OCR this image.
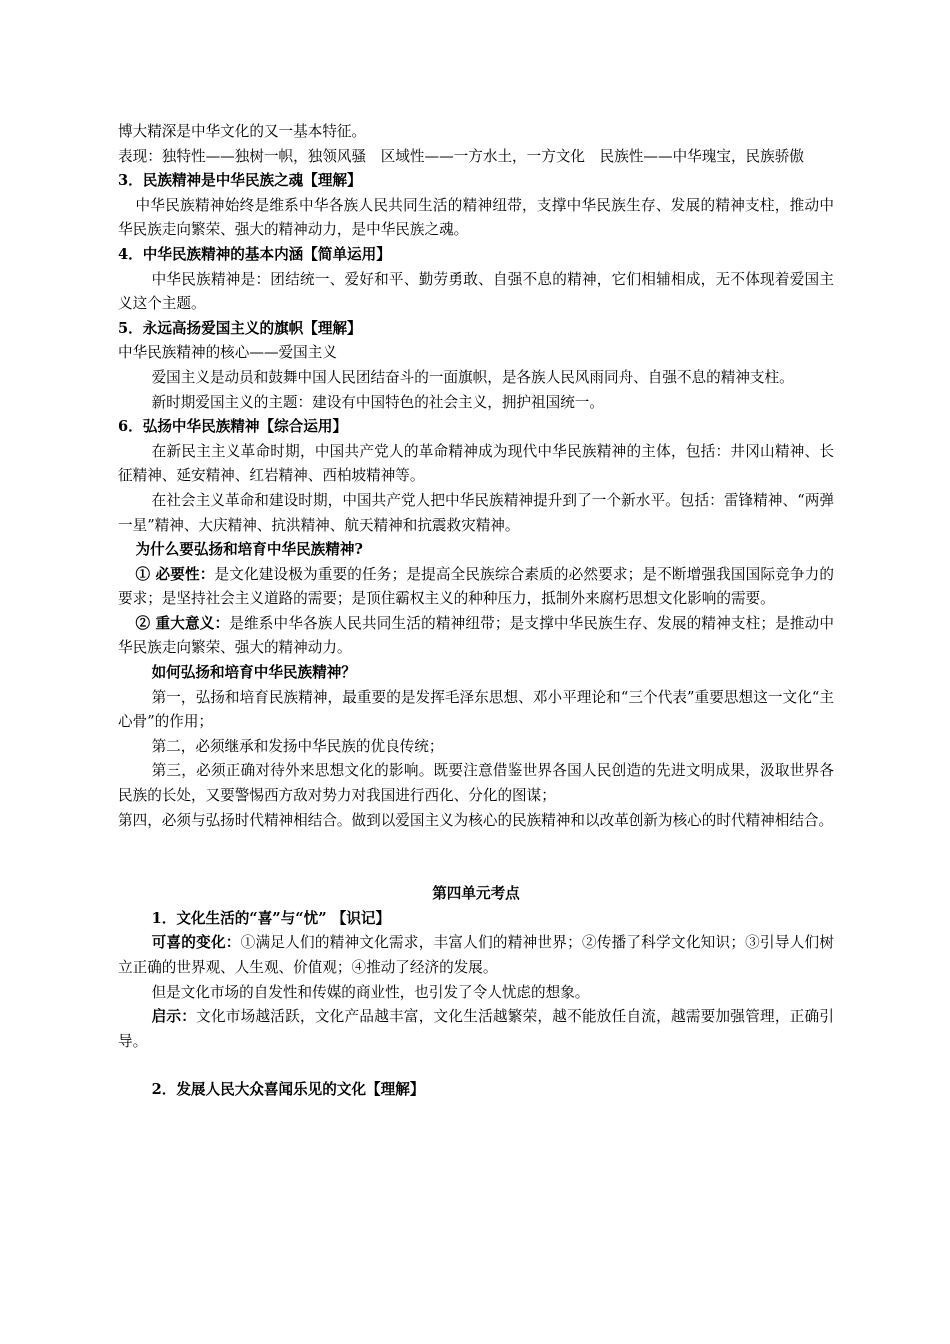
博大精深是中华文化的又一基本特征。

表现：独特性——独树一帜，独领风骚　区域性——一方水土，一方文化　民族性——中华瑰宝，民族骄傲

3．民族精神是中华民族之魂【理解】

中华民族精神始终是维系中华各族人民共同生活的精神纽带，支撑中华民族生存、发展的精神支柱，推动中华民族走向繁荣、强大的精神动力，是中华民族之魂。

4．中华民族精神的基本内涵【简单运用】

中华民族精神是：团结统一、爱好和平、勤劳勇敢、自强不息的精神，它们相辅相成，无不体现着爱国主义这个主题。

5．永远高扬爱国主义的旗帜【理解】

中华民族精神的核心——爱国主义

爱国主义是动员和鼓舞中国人民团结奋斗的一面旗帜，是各族人民风雨同舟、自强不息的精神支柱。

新时期爱国主义的主题：建设有中国特色的社会主义，拥护祖国统一。

6．弘扬中华民族精神【综合运用】

在新民主主义革命时期，中国共产党人的革命精神成为现代中华民族精神的主体，包括：井冈山精神、长征精神、延安精神、红岩精神、西柏坡精神等。

在社会主义革命和建设时期，中国共产党人把中华民族精神提升到了一个新水平。包括：雷锋精神、“两弹一星”精神、大庆精神、抗洪精神、航天精神和抗震救灾精神。

为什么要弘扬和培育中华民族精神?

① 必要性：是文化建设极为重要的任务；是提高全民族综合素质的必然要求；是不断增强我国国际竞争力的要求；是坚持社会主义道路的需要；是顶住霸权主义的种种压力，抵制外来腐朽思想文化影响的需要。

② 重大意义：是维系中华各族人民共同生活的精神纽带；是支撑中华民族生存、发展的精神支柱；是推动中华民族走向繁荣、强大的精神动力。

如何弘扬和培育中华民族精神？

第一，弘扬和培育民族精神，最重要的是发挥毛泽东思想、邓小平理论和“三个代表”重要思想这一文化“主心骨”的作用；

第二，必须继承和发扬中华民族的优良传统；

第三，必须正确对待外来思想文化的影响。既要注意借鉴世界各国人民创造的先进文明成果，汲取世界各民族的长处，又要警惕西方敌对势力对我国进行西化、分化的图谋；

第四，必须与弘扬时代精神相结合。做到以爱国主义为核心的民族精神和以改革创新为核心的时代精神相结合。

第四单元考点

1．文化生活的“喜”与“忧” 【识记】

可喜的变化：①满足人们的精神文化需求，丰富人们的精神世界；②传播了科学文化知识；③引导人们树立正确的世界观、人生观、价值观；④推动了经济的发展。

但是文化市场的自发性和传媒的商业性，也引发了令人忧虑的想象。

启示：文化市场越活跃，文化产品越丰富，文化生活越繁荣，越不能放任自流，越需要加强管理，正确引导。

2．发展人民大众喜闻乐见的文化【理解】
